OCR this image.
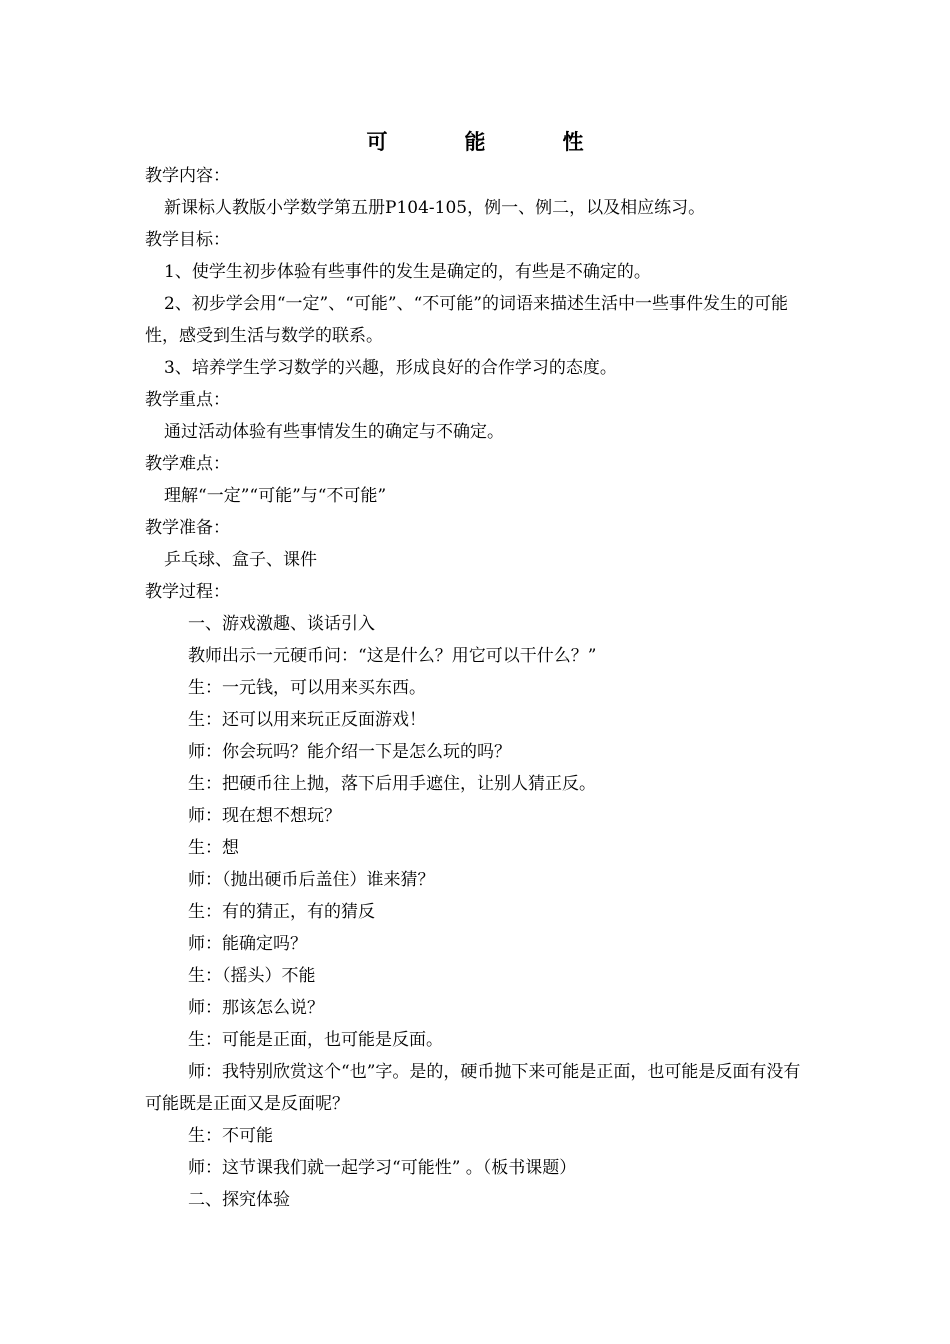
可　能　性
教学内容：
新课标人教版小学数学第五册P104-105，例一、例二，以及相应练习。
教学目标：
1、使学生初步体验有些事件的发生是确定的，有些是不确定的。
2、初步学会用“一定”、“可能”、“不可能”的词语来描述生活中一些事件发生的可能性，感受到生活与数学的联系。
3、培养学生学习数学的兴趣，形成良好的合作学习的态度。
教学重点：
通过活动体验有些事情发生的确定与不确定。
教学难点：
理解“一定”“可能”与“不可能”
教学准备：
乒乓球、盒子、课件
教学过程：
一、游戏激趣、谈话引入
教师出示一元硬币问：“这是什么？用它可以干什么？”
生：一元钱，可以用来买东西。
生：还可以用来玩正反面游戏！
师：你会玩吗？能介绍一下是怎么玩的吗？
生：把硬币往上抛，落下后用手遮住，让别人猜正反。
师：现在想不想玩？
生：想
师：（抛出硬币后盖住）谁来猜？
生：有的猜正，有的猜反
师：能确定吗？
生：（摇头）不能
师：那该怎么说？
生：可能是正面，也可能是反面。
师：我特别欣赏这个“也”字。是的，硬币抛下来可能是正面，也可能是反面有没有可能既是正面又是反面呢？
生：不可能
师：这节课我们就一起学习“可能性” 。（板书课题）
二、探究体验
